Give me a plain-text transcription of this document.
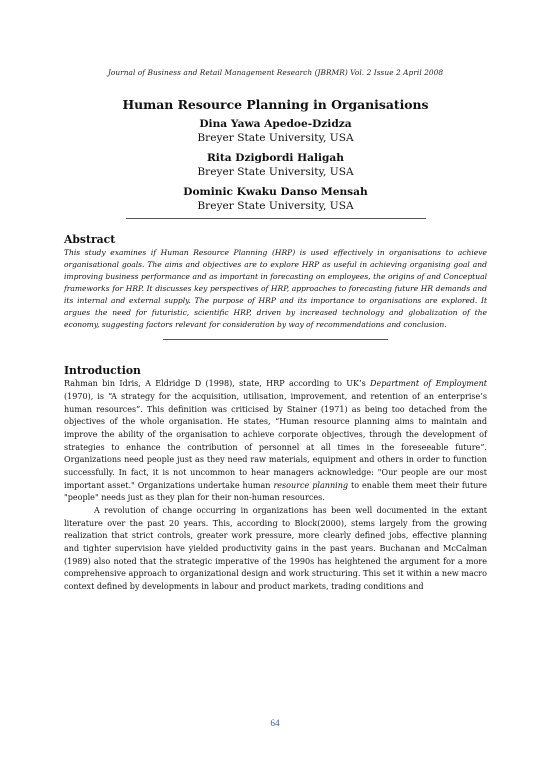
Journal of Business and Retail Management Research (JBRMR) Vol. 2 Issue 2 April 2008
Human Resource Planning in Organisations
Dina Yawa Apedoe-Dzidza
Breyer State University, USA
Rita Dzigbordi Haligah
Breyer State University, USA
Dominic Kwaku Danso Mensah
Breyer State University, USA
Abstract
This study examines if Human Resource Planning (HRP) is used effectively in organisations to achieve organisational goals. The aims and objectives are to explore HRP as useful in achieving organising goal and improving business performance and as important in forecasting on employees, the origins of and Conceptual frameworks for HRP. It discusses key perspectives of HRP, approaches to forecasting future HR demands and its internal and external supply. The purpose of HRP and its importance to organisations are explored. It argues the need for futuristic, scientific HRP, driven by increased technology and globalization of the economy, suggesting factors relevant for consideration by way of recommendations and conclusion.
Introduction

Rahman bin Idris, A Eldridge D (1998), state, HRP according to UK’s Department of Employment (1970), is “A strategy for the acquisition, utilisation, improvement, and retention of an enterprise’s human resources”. This definition was criticised by Stainer (1971) as being too detached from the objectives of the whole organisation. He states, “Human resource planning aims to maintain and improve the ability of the organisation to achieve corporate objectives, through the development of strategies to enhance the contribution of personnel at all times in the foreseeable future”. Organizations need people just as they need raw materials, equipment and others in order to function successfully. In fact, it is not uncommon to hear managers acknowledge: "Our people are our most important asset." Organizations undertake human resource planning to enable them meet their future "people" needs just as they plan for their non-human resources.

A revolution of change occurring in organizations has been well documented in the extant literature over the past 20 years. This, according to Block(2000), stems largely from the growing realization that strict controls, greater work pressure, more clearly defined jobs, effective planning and tighter supervision have yielded productivity gains in the past years. Buchanan and McCalman (1989) also noted that the strategic imperative of the 1990s has heightened the argument for a more comprehensive approach to organizational design and work structuring. This set it within a new macro context defined by developments in labour and product markets, trading conditions and

64
